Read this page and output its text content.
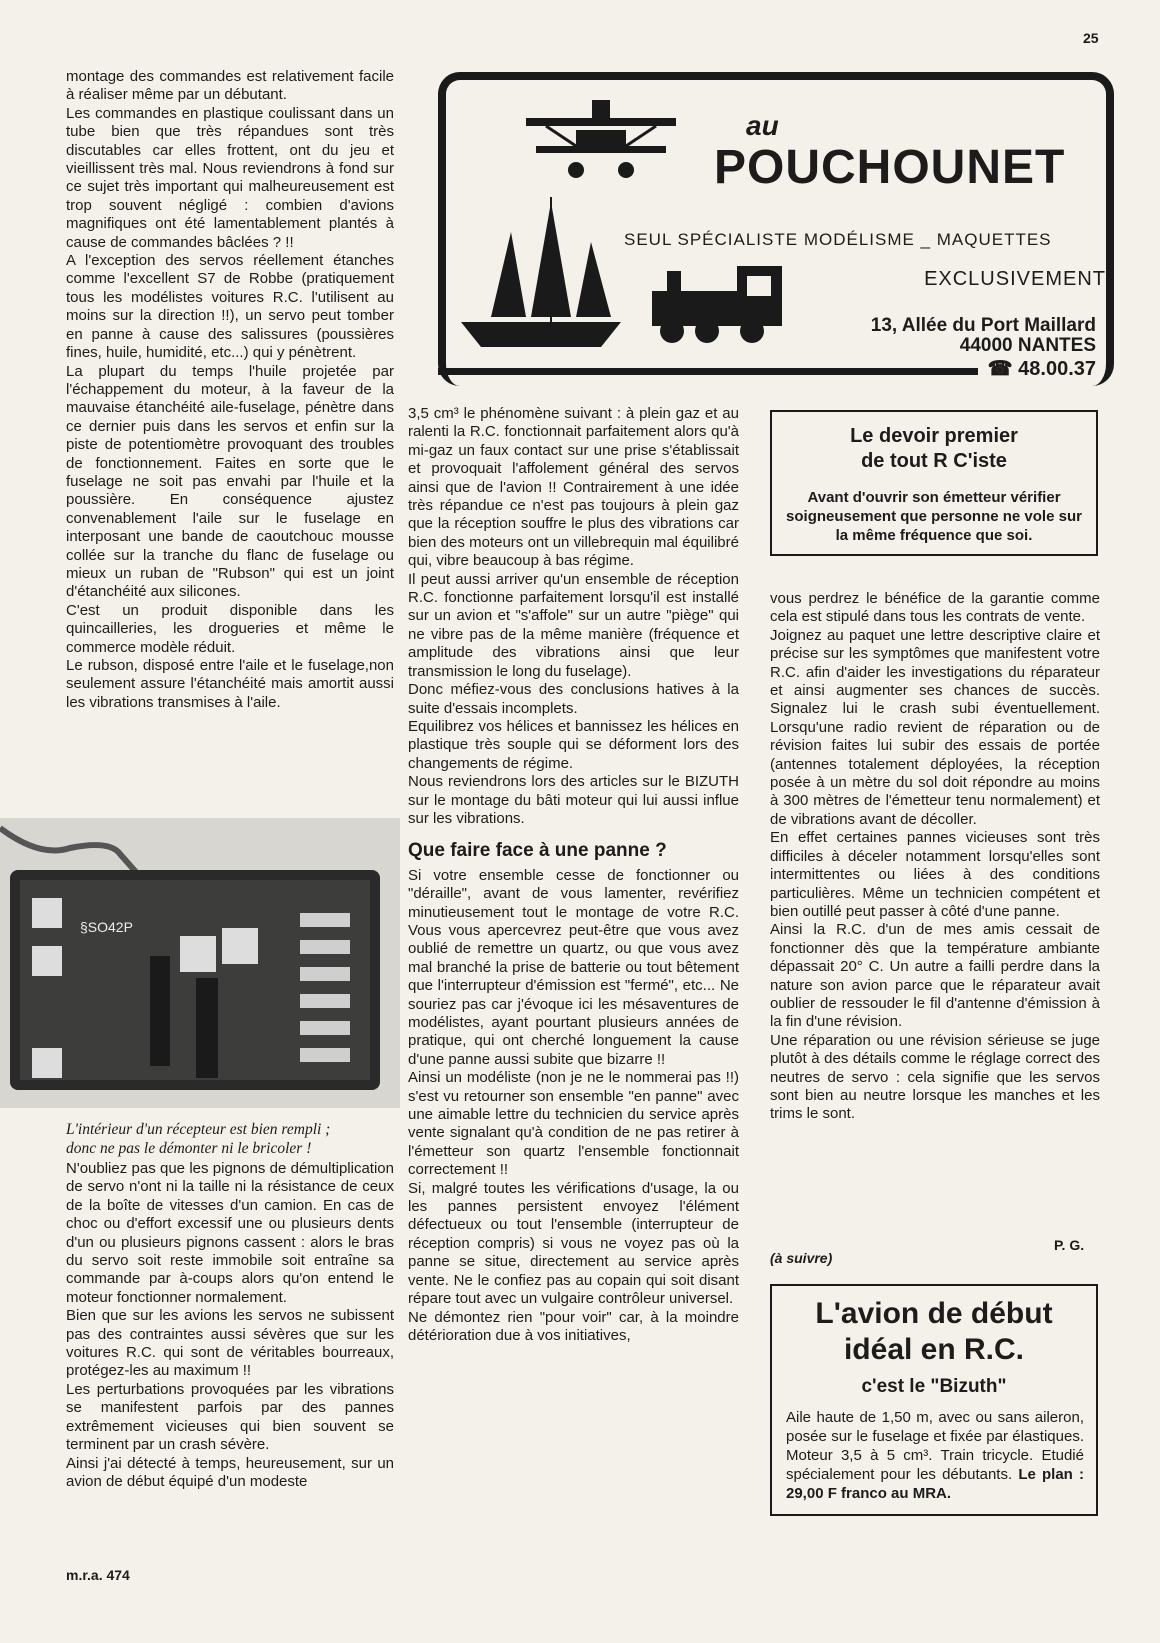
25

montage des commandes est relativement facile à réaliser même par un débutant.

Les commandes en plastique coulissant dans un tube bien que très répandues sont très discutables car elles frottent, ont du jeu et vieillissent très mal. Nous reviendrons à fond sur ce sujet très important qui malheureusement est trop souvent négligé : combien d'avions magnifiques ont été lamentablement plantés à cause de commandes bâclées ? !!

A l'exception des servos réellement étanches comme l'excellent S7 de Robbe (pratiquement tous les modélistes voitures R.C. l'utilisent au moins sur la direction !!), un servo peut tomber en panne à cause des salissures (poussières fines, huile, humidité, etc...) qui y pénètrent.

La plupart du temps l'huile projetée par l'échappement du moteur, à la faveur de la mauvaise étanchéité aile-fuselage, pénètre dans ce dernier puis dans les servos et enfin sur la piste de potentiomètre provoquant des troubles de fonctionnement. Faites en sorte que le fuselage ne soit pas envahi par l'huile et la poussière. En conséquence ajustez convenablement l'aile sur le fuselage en interposant une bande de caoutchouc mousse collée sur la tranche du flanc de fuselage ou mieux un ruban de "Rubson" qui est un joint d'étanchéité aux silicones.

C'est un produit disponible dans les quincailleries, les drogueries et même le commerce modèle réduit.

Le rubson, disposé entre l'aile et le fuselage,non seulement assure l'étanchéité mais amortit aussi les vibrations transmises à l'aile.

§SO42P
L'intérieur d'un récepteur est bien rempli ;
donc ne pas le démonter ni le bricoler !

N'oubliez pas que les pignons de démultiplication de servo n'ont ni la taille ni la résistance de ceux de la boîte de vitesses d'un camion. En cas de choc ou d'effort excessif une ou plusieurs dents d'un ou plusieurs pignons cassent : alors le bras du servo soit reste immobile soit entraîne sa commande par à-coups alors qu'on entend le moteur fonctionner normalement.

Bien que sur les avions les servos ne subissent pas des contraintes aussi sévères que sur les voitures R.C. qui sont de véritables bourreaux, protégez-les au maximum !!

Les perturbations provoquées par les vibrations se manifestent parfois par des pannes extrêmement vicieuses qui bien souvent se terminent par un crash sévère.

Ainsi j'ai détecté à temps, heureusement, sur un avion de début équipé d'un modeste

au
POUCHOUNET
SEUL SPÉCIALISTE MODÉLISME _ MAQUETTES
EXCLUSIVEMENT
13, Allée du Port Maillard
44000 NANTES
☎ 48.00.37
Le devoir premier
de tout R C'iste
Avant d'ouvrir son émetteur vérifier soigneusement que personne ne vole sur la même fréquence que soi.

3,5 cm³ le phénomène suivant : à plein gaz et au ralenti la R.C. fonctionnait parfaitement alors qu'à mi-gaz un faux contact sur une prise s'établissait et provoquait l'affolement général des servos ainsi que de l'avion !! Contrairement à une idée très répandue ce n'est pas toujours à plein gaz que la réception souffre le plus des vibrations car bien des moteurs ont un villebrequin mal équilibré qui, vibre beaucoup à bas régime.

Il peut aussi arriver qu'un ensemble de réception R.C. fonctionne parfaitement lorsqu'il est installé sur un avion et "s'affole" sur un autre "piège" qui ne vibre pas de la même manière (fréquence et amplitude des vibrations ainsi que leur transmission le long du fuselage).

Donc méfiez-vous des conclusions hatives à la suite d'essais incomplets.

Equilibrez vos hélices et bannissez les hélices en plastique très souple qui se déforment lors des changements de régime.

Nous reviendrons lors des articles sur le BIZUTH sur le montage du bâti moteur qui lui aussi influe sur les vibrations.

Que faire face à une panne ?

Si votre ensemble cesse de fonctionner ou "déraille", avant de vous lamenter, revérifiez minutieusement tout le montage de votre R.C. Vous vous apercevrez peut-être que vous avez oublié de remettre un quartz, ou que vous avez mal branché la prise de batterie ou tout bêtement que l'interrupteur d'émission est "fermé", etc... Ne souriez pas car j'évoque ici les mésaventures de modélistes, ayant pourtant plusieurs années de pratique, qui ont cherché longuement la cause d'une panne aussi subite que bizarre !!

Ainsi un modéliste (non je ne le nommerai pas !!) s'est vu retourner son ensemble "en panne" avec une aimable lettre du technicien du service après vente signalant qu'à condition de ne pas retirer à l'émetteur son quartz l'ensemble fonctionnait correctement !!

Si, malgré toutes les vérifications d'usage, la ou les pannes persistent envoyez l'élément défectueux ou tout l'ensemble (interrupteur de réception compris) si vous ne voyez pas où la panne se situe, directement au service après vente. Ne le confiez pas au copain qui soit disant répare tout avec un vulgaire contrôleur universel.

Ne démontez rien "pour voir" car, à la moindre détérioration due à vos initiatives,

vous perdrez le bénéfice de la garantie comme cela est stipulé dans tous les contrats de vente.

Joignez au paquet une lettre descriptive claire et précise sur les symptômes que manifestent votre R.C. afin d'aider les investigations du réparateur et ainsi augmenter ses chances de succès. Signalez lui le crash subi éventuellement. Lorsqu'une radio revient de réparation ou de révision faites lui subir des essais de portée (antennes totalement déployées, la réception posée à un mètre du sol doit répondre au moins à 300 mètres de l'émetteur tenu normalement) et de vibrations avant de décoller.

En effet certaines pannes vicieuses sont très difficiles à déceler notamment lorsqu'elles sont intermittentes ou liées à des conditions particulières. Même un technicien compétent et bien outillé peut passer à côté d'une panne.

Ainsi la R.C. d'un de mes amis cessait de fonctionner dès que la température ambiante dépassait 20° C. Un autre a failli perdre dans la nature son avion parce que le réparateur avait oublier de ressouder le fil d'antenne d'émission à la fin d'une révision.

Une réparation ou une révision sérieuse se juge plutôt à des détails comme le réglage correct des neutres de servo : cela signifie que les servos sont bien au neutre lorsque les manches et les trims le sont.

P. G.
(à suivre)
L'avion de début
idéal en R.C.
c'est le "Bizuth"
Aile haute de 1,50 m, avec ou sans aileron, posée sur le fuselage et fixée par élastiques. Moteur 3,5 à 5 cm³. Train tricycle. Etudié spécialement pour les débutants. Le plan : 29,00 F franco au MRA.
m.r.a. 474
